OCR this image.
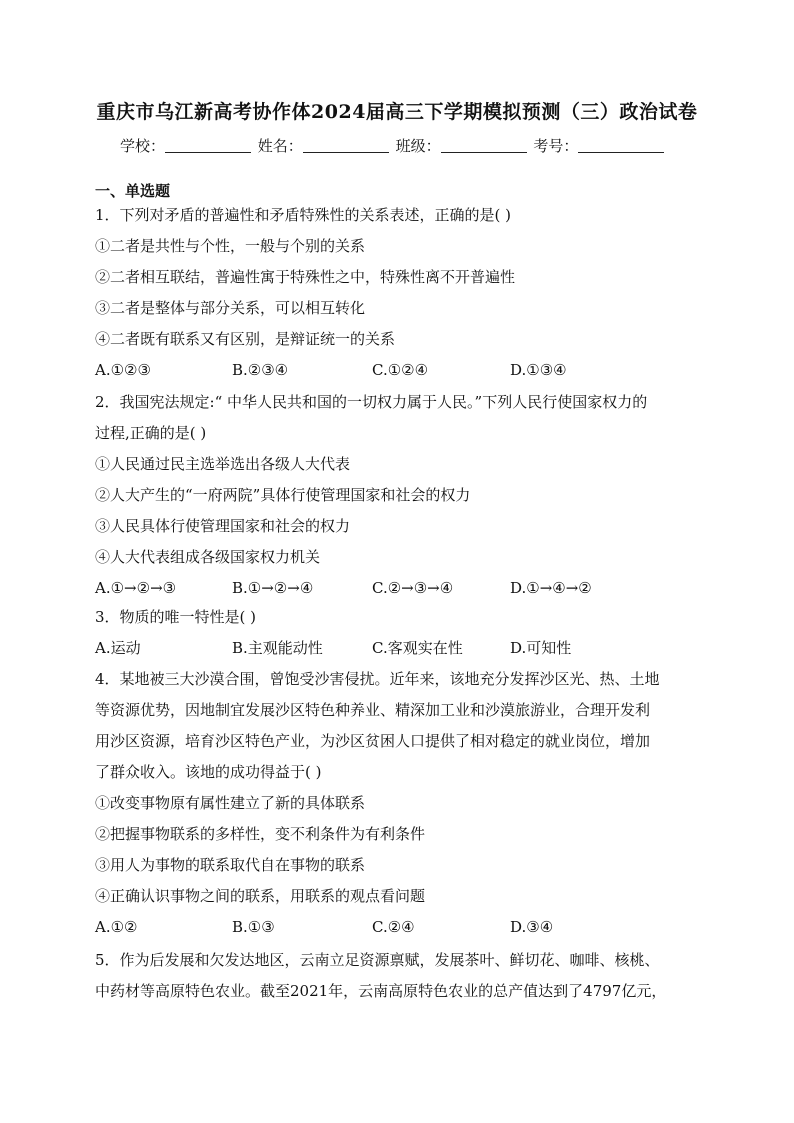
重庆市乌江新高考协作体2024届高三下学期模拟预测（三）政治试卷
学校：	姓名：	班级：	考号：
一、单选题
1．下列对矛盾的普遍性和矛盾特殊性的关系表述，正确的是( )
①二者是共性与个性，一般与个别的关系
②二者相互联结，普遍性寓于特殊性之中，特殊性离不开普遍性
③二者是整体与部分关系，可以相互转化
④二者既有联系又有区别，是辩证统一的关系
A.①②③	B.②③④	C.①②④	D.①③④
2．我国宪法规定:“ 中华人民共和国的一切权力属于人民。”下列人民行使国家权力的
过程,正确的是( )
①人民通过民主选举选出各级人大代表
②人大产生的“一府两院”具体行使管理国家和社会的权力
③人民具体行使管理国家和社会的权力
④人大代表组成各级国家权力机关
A.①→②→③	B.①→②→④	C.②→③→④	D.①→④→②
3．物质的唯一特性是( )
A.运动	B.主观能动性	C.客观实在性	D.可知性
4．某地被三大沙漠合围，曾饱受沙害侵扰。近年来，该地充分发挥沙区光、热、土地
等资源优势，因地制宜发展沙区特色种养业、精深加工业和沙漠旅游业，合理开发利
用沙区资源，培育沙区特色产业，为沙区贫困人口提供了相对稳定的就业岗位，增加
了群众收入。该地的成功得益于( )
①改变事物原有属性建立了新的具体联系
②把握事物联系的多样性，变不利条件为有利条件
③用人为事物的联系取代自在事物的联系
④正确认识事物之间的联系，用联系的观点看问题
A.①②	B.①③	C.②④	D.③④
5．作为后发展和欠发达地区，云南立足资源禀赋，发展茶叶、鲜切花、咖啡、核桃、
中药材等高原特色农业。截至2021年，云南高原特色农业的总产值达到了4797亿元，
